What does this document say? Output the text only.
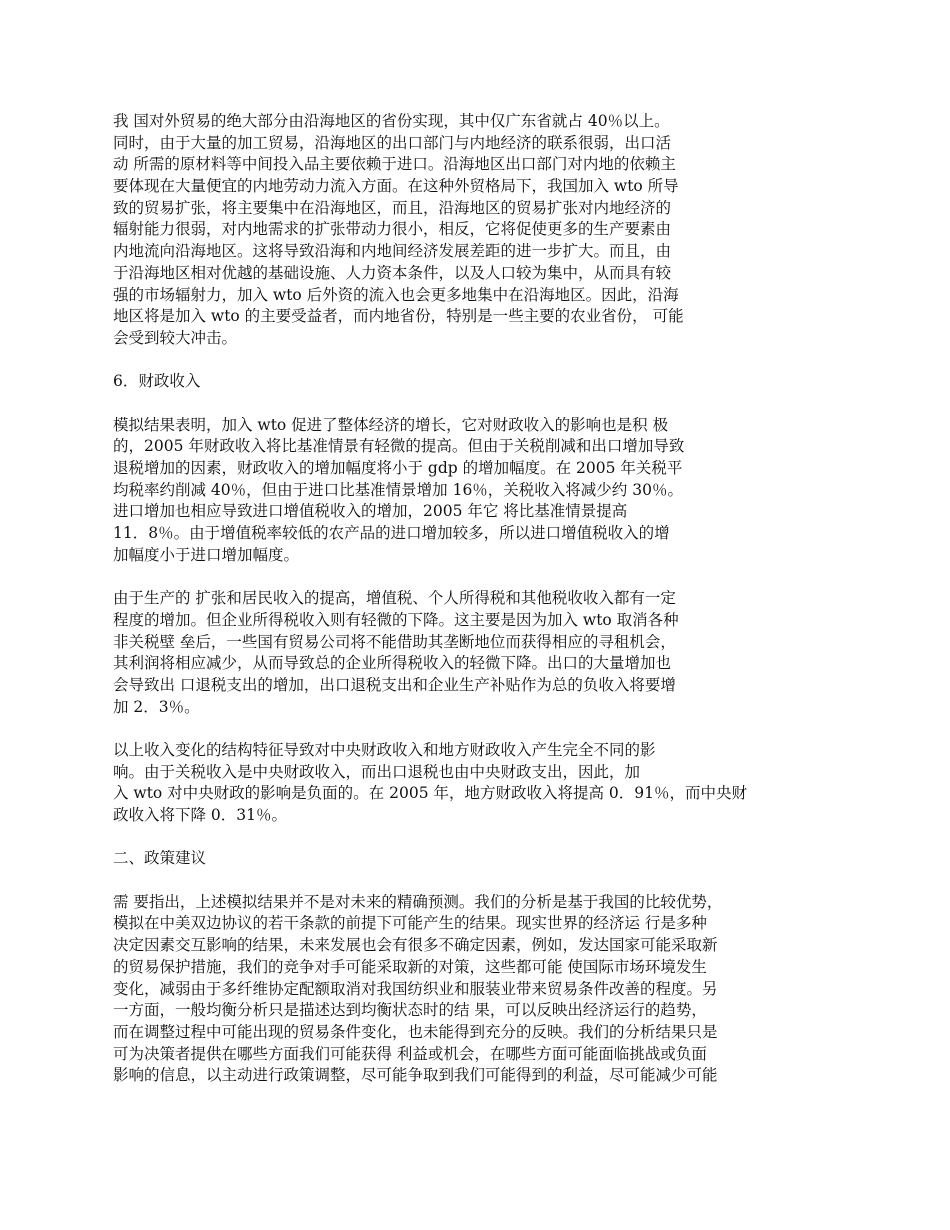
我 国对外贸易的绝大部分由沿海地区的省份实现，其中仅广东省就占 40％以上。
同时，由于大量的加工贸易，沿海地区的出口部门与内地经济的联系很弱，出口活
动 所需的原材料等中间投入品主要依赖于进口。沿海地区出口部门对内地的依赖主
要体现在大量便宜的内地劳动力流入方面。在这种外贸格局下，我国加入 wto 所导
致的贸易扩张，将主要集中在沿海地区，而且，沿海地区的贸易扩张对内地经济的
辐射能力很弱，对内地需求的扩张带动力很小，相反，它将促使更多的生产要素由
内地流向沿海地区。这将导致沿海和内地间经济发展差距的进一步扩大。而且，由
于沿海地区相对优越的基础设施、人力资本条件，以及人口较为集中，从而具有较
强的市场辐射力，加入 wto 后外资的流入也会更多地集中在沿海地区。因此，沿海
地区将是加入 wto 的主要受益者，而内地省份，特别是一些主要的农业省份， 可能
会受到较大冲击。
6．财政收入
模拟结果表明，加入 wto 促进了整体经济的增长，它对财政收入的影响也是积 极
的，2005 年财政收入将比基准情景有轻微的提高。但由于关税削减和出口增加导致
退税增加的因素，财政收入的增加幅度将小于 gdp 的增加幅度。在 2005 年关税平
均税率约削减 40％，但由于进口比基准情景增加 16％，关税收入将减少约 30％。
进口增加也相应导致进口增值税收入的增加，2005 年它 将比基准情景提高
11．8％。由于增值税率较低的农产品的进口增加较多，所以进口增值税收入的增
加幅度小于进口增加幅度。
由于生产的 扩张和居民收入的提高，增值税、个人所得税和其他税收收入都有一定
程度的增加。但企业所得税收入则有轻微的下降。这主要是因为加入 wto 取消各种
非关税壁 垒后，一些国有贸易公司将不能借助其垄断地位而获得相应的寻租机会，
其利润将相应减少，从而导致总的企业所得税收入的轻微下降。出口的大量增加也
会导致出 口退税支出的增加，出口退税支出和企业生产补贴作为总的负收入将要增
加 2．3％。
以上收入变化的结构特征导致对中央财政收入和地方财政收入产生完全不同的影
响。由于关税收入是中央财政收入，而出口退税也由中央财政支出，因此，加
入 wto 对中央财政的影响是负面的。在 2005 年，地方财政收入将提高 0．91％，而中央财
政收入将下降 0．31％。
二、政策建议
需 要指出，上述模拟结果并不是对未来的精确预测。我们的分析是基于我国的比较优势，
模拟在中美双边协议的若干条款的前提下可能产生的结果。现实世界的经济运 行是多种
决定因素交互影响的结果，未来发展也会有很多不确定因素，例如，发达国家可能采取新
的贸易保护措施，我们的竞争对手可能采取新的对策，这些都可能 使国际市场环境发生
变化，减弱由于多纤维协定配额取消对我国纺织业和服装业带来贸易条件改善的程度。另
一方面，一般均衡分析只是描述达到均衡状态时的结 果，可以反映出经济运行的趋势，
而在调整过程中可能出现的贸易条件变化，也未能得到充分的反映。我们的分析结果只是
可为决策者提供在哪些方面我们可能获得 利益或机会，在哪些方面可能面临挑战或负面
影响的信息，以主动进行政策调整，尽可能争取到我们可能得到的利益，尽可能减少可能
